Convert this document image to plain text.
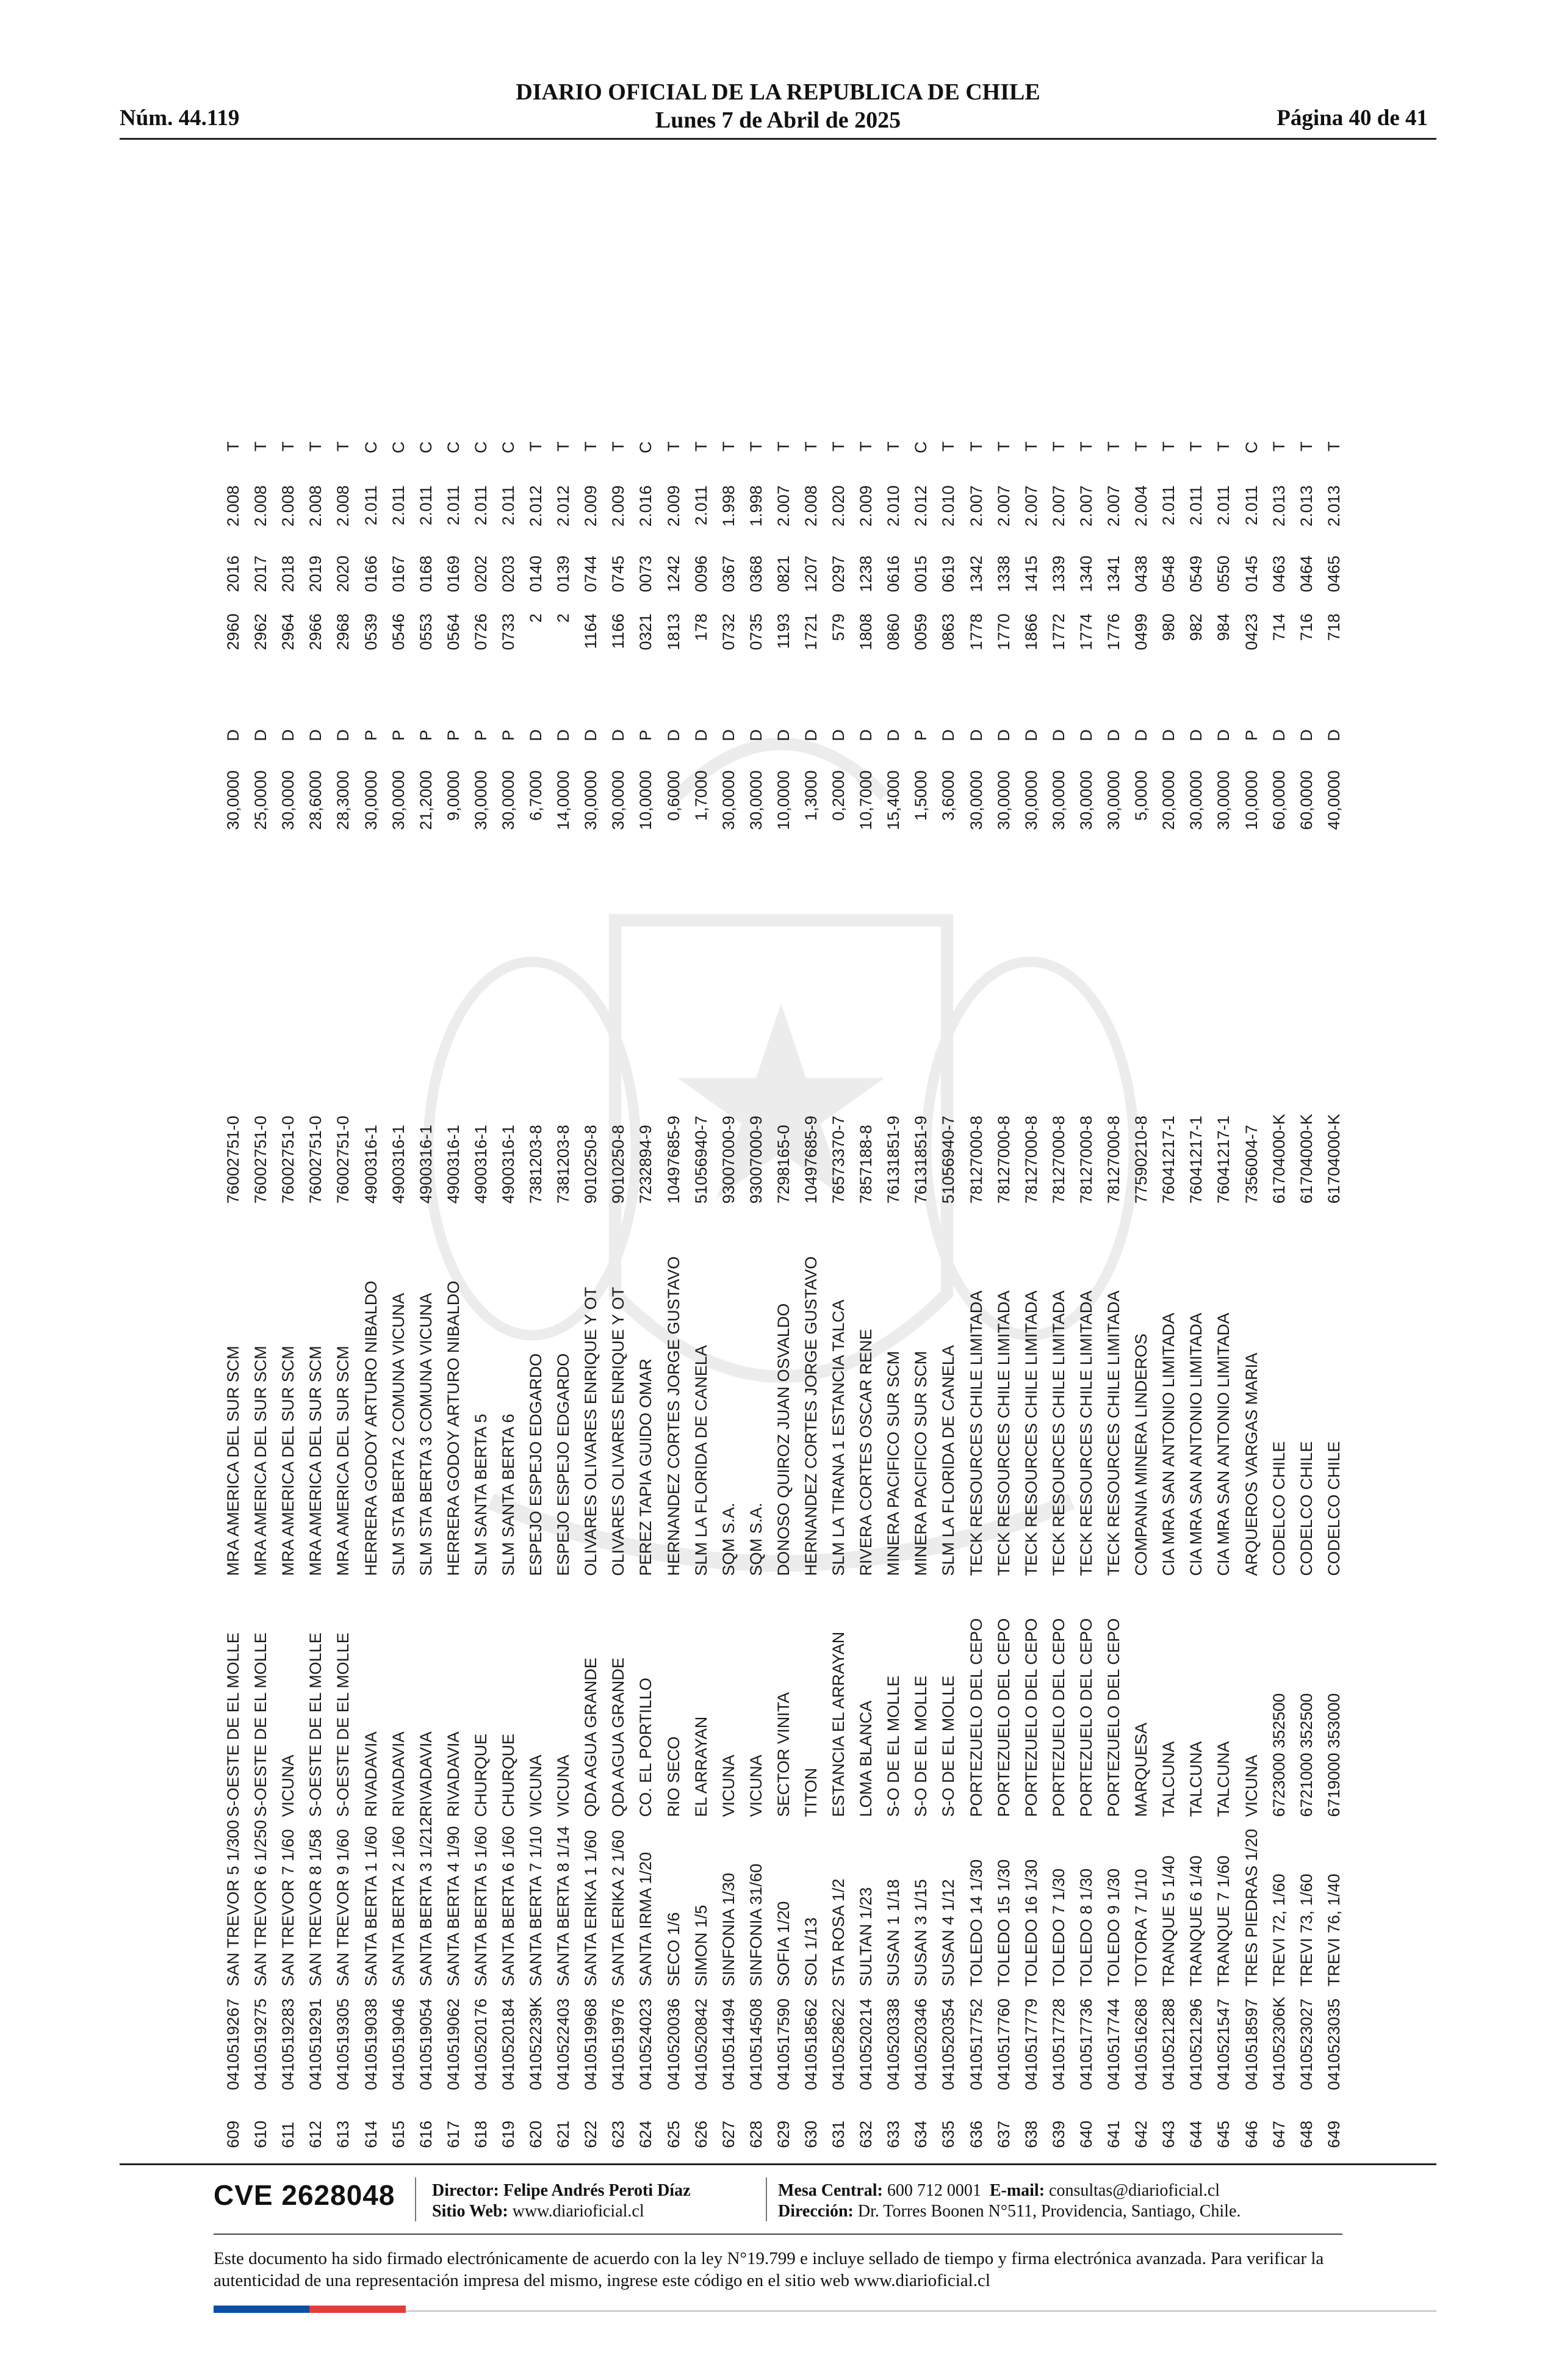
Núm. 44.119
DIARIO OFICIAL DE LA REPUBLICA DE CHILE
Lunes 7 de Abril de 2025	Página 40 de 41
609	0410519267	SAN TREVOR 5 1/300	S-OESTE DE EL MOLLE	MRA AMERICA DEL SUR SCM	76002751-0	30,0000	D	2960	2016	2.008	T
610	0410519275	SAN TREVOR 6 1/250	S-OESTE DE EL MOLLE	MRA AMERICA DEL SUR SCM	76002751-0	25,0000	D	2962	2017	2.008	T
611	0410519283	SAN TREVOR 7 1/60	VICUNA	MRA AMERICA DEL SUR SCM	76002751-0	30,0000	D	2964	2018	2.008	T
612	0410519291	SAN TREVOR 8 1/58	S-OESTE DE EL MOLLE	MRA AMERICA DEL SUR SCM	76002751-0	28,6000	D	2966	2019	2.008	T
613	0410519305	SAN TREVOR 9 1/60	S-OESTE DE EL MOLLE	MRA AMERICA DEL SUR SCM	76002751-0	28,3000	D	2968	2020	2.008	T
614	0410519038	SANTA BERTA 1 1/60	RIVADAVIA	HERRERA GODOY ARTURO NIBALDO	4900316-1	30,0000	P	0539	0166	2.011	C
615	0410519046	SANTA BERTA 2 1/60	RIVADAVIA	SLM STA BERTA 2 COMUNA VICUNA	4900316-1	30,0000	P	0546	0167	2.011	C
616	0410519054	SANTA BERTA 3 1/212	RIVADAVIA	SLM STA BERTA 3 COMUNA VICUNA	4900316-1	21,2000	P	0553	0168	2.011	C
617	0410519062	SANTA BERTA 4 1/90	RIVADAVIA	HERRERA GODOY ARTURO NIBALDO	4900316-1	9,0000	P	0564	0169	2.011	C
618	0410520176	SANTA BERTA 5 1/60	CHURQUE	SLM SANTA BERTA 5	4900316-1	30,0000	P	0726	0202	2.011	C
619	0410520184	SANTA BERTA 6 1/60	CHURQUE	SLM SANTA BERTA 6	4900316-1	30,0000	P	0733	0203	2.011	C
620	041052239K	SANTA BERTA 7 1/10	VICUNA	ESPEJO ESPEJO EDGARDO	7381203-8	6,7000	D	2	0140	2.012	T
621	0410522403	SANTA BERTA 8 1/14	VICUNA	ESPEJO ESPEJO EDGARDO	7381203-8	14,0000	D	2	0139	2.012	T
622	0410519968	SANTA ERIKA 1 1/60	QDA AGUA GRANDE	OLIVARES OLIVARES ENRIQUE Y OT	9010250-8	30,0000	D	1164	0744	2.009	T
623	0410519976	SANTA ERIKA 2 1/60	QDA AGUA GRANDE	OLIVARES OLIVARES ENRIQUE Y OT	9010250-8	30,0000	D	1166	0745	2.009	T
624	0410524023	SANTA IRMA 1/20	CO. EL PORTILLO	PEREZ TAPIA GUIDO OMAR	7232894-9	10,0000	P	0321	0073	2.016	C
625	0410520036	SECO 1/6	RIO SECO	HERNANDEZ CORTES JORGE GUSTAVO	10497685-9	0,6000	D	1813	1242	2.009	T
626	0410520842	SIMON 1/5	EL ARRAYAN	SLM LA FLORIDA DE CANELA	51056940-7	1,7000	D	178	0096	2.011	T
627	0410514494	SINFONIA 1/30	VICUNA	SQM S.A.	93007000-9	30,0000	D	0732	0367	1.998	T
628	0410514508	SINFONIA 31/60	VICUNA	SQM S.A.	93007000-9	30,0000	D	0735	0368	1.998	T
629	0410517590	SOFIA 1/20	SECTOR VINITA	DONOSO QUIROZ JUAN OSVALDO	7298165-0	10,0000	D	1193	0821	2.007	T
630	0410518562	SOL 1/13	TITON	HERNANDEZ CORTES JORGE GUSTAVO	10497685-9	1,3000	D	1721	1207	2.008	T
631	0410528622	STA ROSA 1/2	ESTANCIA EL ARRAYAN	SLM LA TIRANA 1 ESTANCIA TALCA	76573370-7	0,2000	D	579	0297	2.020	T
632	0410520214	SULTAN 1/23	LOMA BLANCA	RIVERA CORTES OSCAR RENE	7857188-8	10,7000	D	1808	1238	2.009	T
633	0410520338	SUSAN 1 1/18	S-O DE EL MOLLE	MINERA PACIFICO SUR SCM	76131851-9	15,4000	D	0860	0616	2.010	T
634	0410520346	SUSAN 3 1/15	S-O DE EL MOLLE	MINERA PACIFICO SUR SCM	76131851-9	1,5000	P	0059	0015	2.012	C
635	0410520354	SUSAN 4 1/12	S-O DE EL MOLLE	SLM LA FLORIDA DE CANELA	51056940-7	3,6000	D	0863	0619	2.010	T
636	0410517752	TOLEDO 14 1/30	PORTEZUELO DEL CEPO	TECK RESOURCES CHILE LIMITADA	78127000-8	30,0000	D	1778	1342	2.007	T
637	0410517760	TOLEDO 15 1/30	PORTEZUELO DEL CEPO	TECK RESOURCES CHILE LIMITADA	78127000-8	30,0000	D	1770	1338	2.007	T
638	0410517779	TOLEDO 16 1/30	PORTEZUELO DEL CEPO	TECK RESOURCES CHILE LIMITADA	78127000-8	30,0000	D	1866	1415	2.007	T
639	0410517728	TOLEDO 7 1/30	PORTEZUELO DEL CEPO	TECK RESOURCES CHILE LIMITADA	78127000-8	30,0000	D	1772	1339	2.007	T
640	0410517736	TOLEDO 8 1/30	PORTEZUELO DEL CEPO	TECK RESOURCES CHILE LIMITADA	78127000-8	30,0000	D	1774	1340	2.007	T
641	0410517744	TOLEDO 9 1/30	PORTEZUELO DEL CEPO	TECK RESOURCES CHILE LIMITADA	78127000-8	30,0000	D	1776	1341	2.007	T
642	0410516268	TOTORA 7 1/10	MARQUESA	COMPANIA MINERA LINDEROS	77590210-8	5,0000	D	0499	0438	2.004	T
643	0410521288	TRANQUE 5 1/40	TALCUNA	CIA MRA SAN ANTONIO LIMITADA	76041217-1	20,0000	D	980	0548	2.011	T
644	0410521296	TRANQUE 6 1/40	TALCUNA	CIA MRA SAN ANTONIO LIMITADA	76041217-1	30,0000	D	982	0549	2.011	T
645	0410521547	TRANQUE 7 1/60	TALCUNA	CIA MRA SAN ANTONIO LIMITADA	76041217-1	30,0000	D	984	0550	2.011	T
646	0410518597	TRES PIEDRAS 1/20	VICUNA	ARQUEROS VARGAS MARIA	7356004-7	10,0000	P	0423	0145	2.011	C
647	041052306K	TREVI 72, 1/60	6723000 352500	CODELCO CHILE	61704000-K	60,0000	D	714	0463	2.013	T
648	0410523027	TREVI 73, 1/60	6721000 352500	CODELCO CHILE	61704000-K	60,0000	D	716	0464	2.013	T
649	0410523035	TREVI 76, 1/40	6719000 353000	CODELCO CHILE	61704000-K	40,0000	D	718	0465	2.013	T
CVE 2628048 Director: Felipe Andrés Peroti Díaz
Sitio Web: www.diarioficial.cl
Mesa Central: 600 712 0001 E-mail: consultas@diarioficial.cl
Dirección: Dr. Torres Boonen N°511, Providencia, Santiago, Chile.
Este documento ha sido firmado electrónicamente de acuerdo con la ley N°19.799 e incluye sellado de tiempo y firma electrónica avanzada. Para verificar la autenticidad de una representación impresa del mismo, ingrese este código en el sitio web www.diarioficial.cl
